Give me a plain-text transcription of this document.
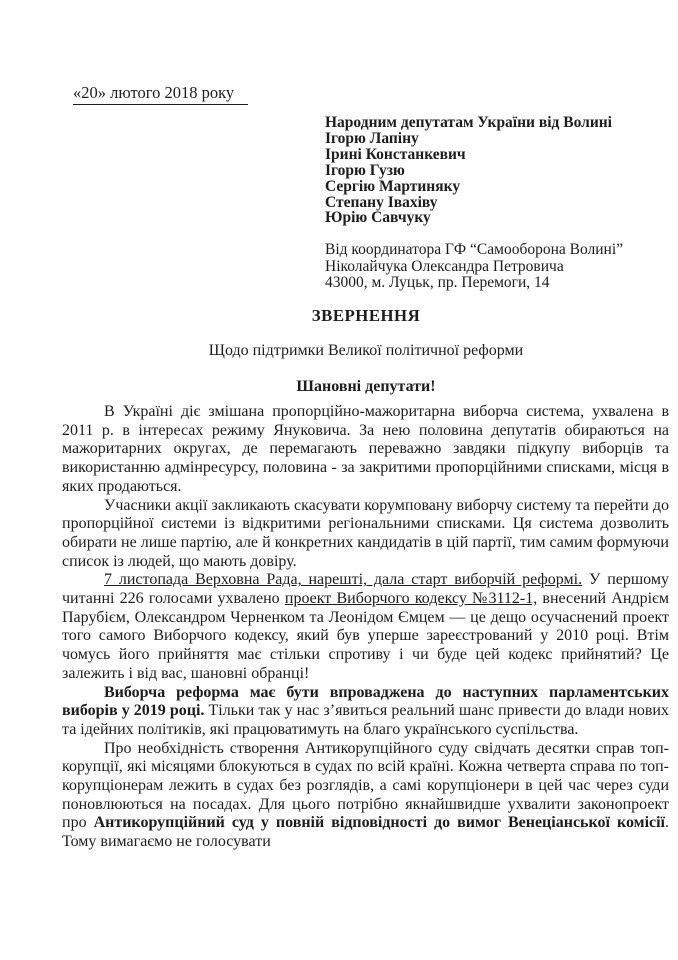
«20» лютого 2018 року
Народним депутатам України від Волині
Ігорю Лапіну
Ірині Констанкевич
Ігорю Гузю
Сергію Мартиняку
Степану Івахіву
Юрію Савчуку
Від координатора ГФ “Самооборона Волині”
Ніколайчука Олександра Петровича
43000, м. Луцьк, пр. Перемоги, 14
ЗВЕРНЕННЯ
Щодо підтримки Великої політичної реформи
Шановні депутати!

В Україні діє змішана пропорційно-мажоритарна виборча система, ухвалена в 2011 р. в інтересах режиму Януковича. За нею половина депутатів обираються на мажоритарних округах, де перемагають переважно завдяки підкупу виборців та використанню адмінресурсу, половина - за закритими пропорційними списками, місця в яких продаються.

Учасники акції закликають скасувати корумповану виборчу систему та перейти до пропорційної системи із відкритими регіональними списками. Ця система дозволить обирати не лише партію, але й конкретних кандидатів в цій партії, тим самим формуючи список із людей, що мають довіру.

7 листопада Верховна Рада, нарешті, дала старт виборчій реформі. У першому читанні 226 голосами ухвалено проект Виборчого кодексу №3112-1, внесений Андрієм Парубієм, Олександром Черненком та Леонідом Ємцем — це дещо осучаснений проект того самого Виборчого кодексу, який був уперше зареєстрований у 2010 році. Втім чомусь його прийняття має стільки спротиву і чи буде цей кодекс прийнятий? Це залежить і від вас, шановні обранці!

Виборча реформа має бути впроваджена до наступних парламентських виборів у 2019 році. Тільки так у нас з’явиться реальний шанс привести до влади нових та ідейних політиків, які працюватимуть на благо українського суспільства.

Про необхідність створення Антикорупційного суду свідчать десятки справ топ-корупції, які місяцями блокуються в судах по всій країні. Кожна четверта справа по топ-корупціонерам лежить в судах без розглядів, а самі корупціонери в цей час через суди поновлюються на посадах. Для цього потрібно якнайшвидше ухвалити законопроект про Антикорупційний суд у повній відповідності до вимог Венеціанської комісії. Тому вимагаємо не голосувати
